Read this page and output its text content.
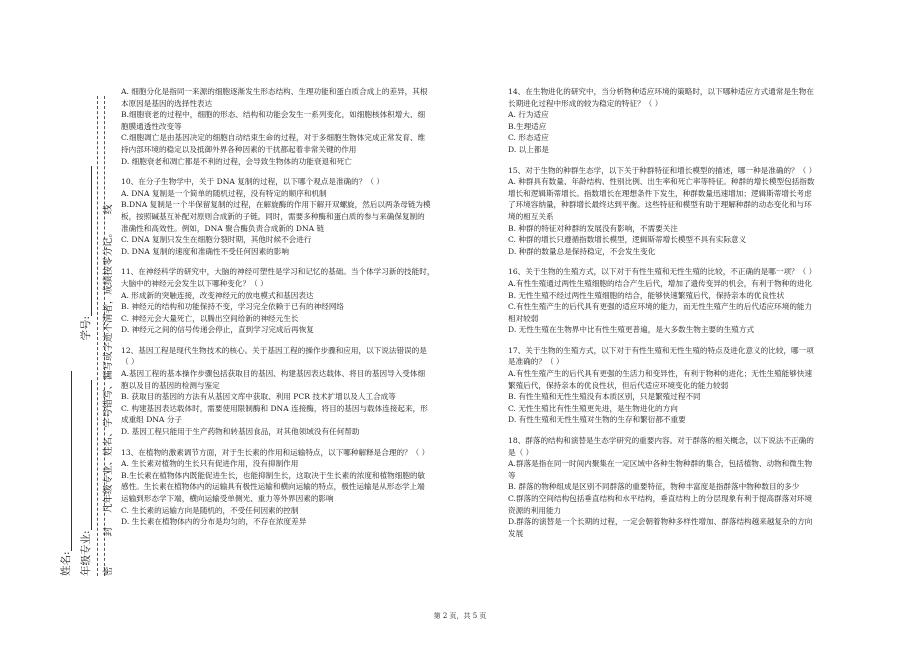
姓名: 年级专业:
学号:
密
封
凡年级专业、姓名、学号错写、漏写或字迹不清者，成绩按零分记。
线
A. 细胞分化是指同一来源的细胞逐渐发生形态结构、生理功能和蛋白质合成上的差异，其根
本原因是基因的选择性表达
B.细胞衰老的过程中，细胞的形态、结构和功能会发生一系列变化，如细胞核体积增大、细
胞膜通透性改变等
C.细胞凋亡是由基因决定的细胞自动结束生命的过程，对于多细胞生物体完成正常发育、维
持内部环境的稳定以及抵御外界各种因素的干扰都起着非常关键的作用
D. 细胞衰老和凋亡都是不利的过程，会导致生物体的功能衰退和死亡
10、在分子生物学中，关于 DNA 复制的过程，以下哪个观点是准确的？（ ）
A. DNA 复制是一个简单的随机过程，没有特定的顺序和机制
B.DNA 复制是一个半保留复制的过程，在解旋酶的作用下解开双螺旋，然后以两条母链为模
板，按照碱基互补配对原则合成新的子链。同时，需要多种酶和蛋白质的参与来确保复制的
准确性和高效性。例如，DNA 聚合酶负责合成新的 DNA 链
C. DNA 复制只发生在细胞分裂时期，其他时候不会进行
D. DNA 复制的速度和准确性不受任何因素的影响
11、在神经科学的研究中，大脑的神经可塑性是学习和记忆的基础。当个体学习新的技能时，
大脑中的神经元会发生以下哪种变化？（ ）
A. 形成新的突触连接，改变神经元的放电模式和基因表达
B. 神经元的结构和功能保持不变，学习完全依赖于已有的神经网络
C. 神经元会大量死亡，以腾出空间给新的神经元生长
D. 神经元之间的信号传递会停止，直到学习完成后再恢复
12、基因工程是现代生物技术的核心。关于基因工程的操作步骤和应用，以下说法错误的是
（ ）
A.基因工程的基本操作步骤包括获取目的基因、构建基因表达载体、将目的基因导入受体细
胞以及目的基因的检测与鉴定
B. 获取目的基因的方法有从基因文库中获取、利用 PCR 技术扩增以及人工合成等
C. 构建基因表达载体时，需要使用限制酶和 DNA 连接酶，将目的基因与载体连接起来，形
成重组 DNA 分子
D. 基因工程只能用于生产药物和转基因食品，对其他领域没有任何帮助
13、在植物的激素调节方面，对于生长素的作用和运输特点，以下哪种解释是合理的？（ ）
A. 生长素对植物的生长只有促进作用，没有抑制作用
B.生长素在植物体内既能促进生长，也能抑制生长，这取决于生长素的浓度和植物细胞的敏
感性。生长素在植物体内的运输具有极性运输和横向运输的特点，极性运输是从形态学上端
运输到形态学下端，横向运输受单侧光、重力等外界因素的影响
C. 生长素的运输方向是随机的，不受任何因素的控制
D. 生长素在植物体内的分布是均匀的，不存在浓度差异
14、在生物进化的研究中，当分析物种适应环境的策略时，以下哪种适应方式通常是生物在
长期进化过程中形成的较为稳定的特征？（ ）
A. 行为适应
B.生理适应
C. 形态适应
D. 以上都是
15、对于生物的种群生态学，以下关于种群特征和增长模型的描述，哪一种是准确的？（ ）
A. 种群具有数量、年龄结构、性别比例、出生率和死亡率等特征。种群的增长模型包括指数
增长和逻辑斯蒂增长。指数增长在理想条件下发生，种群数量迅速增加；逻辑斯蒂增长考虑
了环境容纳量，种群增长最终达到平衡。这些特征和模型有助于理解种群的动态变化和与环
境的相互关系
B. 种群的特征对种群的发展没有影响，不需要关注
C. 种群的增长只遵循指数增长模型，逻辑斯蒂增长模型不具有实际意义
D. 种群的数量总是保持稳定，不会发生变化
16、关于生物的生殖方式，以下对于有性生殖和无性生殖的比较，不正确的是哪一项？（ ）
A.有性生殖通过两性生殖细胞的结合产生后代，增加了遗传变异的机会，有利于物种的进化
B. 无性生殖不经过两性生殖细胞的结合，能够快速繁殖后代，保持亲本的优良性状
C.有性生殖产生的后代具有更强的适应环境的能力，而无性生殖产生的后代适应环境的能力
相对较弱
D. 无性生殖在生物界中比有性生殖更普遍，是大多数生物主要的生殖方式
17、关于生物的生殖方式，以下对于有性生殖和无性生殖的特点及进化意义的比较，哪一项
是准确的？（ ）
A.有性生殖产生的后代具有更强的生活力和变异性，有利于物种的进化；无性生殖能够快速
繁殖后代，保持亲本的优良性状，但后代适应环境变化的能力较弱
B. 有性生殖和无性生殖没有本质区别，只是繁殖过程不同
C. 无性生殖比有性生殖更先进，是生物进化的方向
D. 有性生殖和无性生殖对生物的生存和繁衍都不重要
18、群落的结构和演替是生态学研究的重要内容。对于群落的相关概念，以下说法不正确的
是（ ）
A.群落是指在同一时间内聚集在一定区域中各种生物种群的集合，包括植物、动物和微生物
等
B. 群落的物种组成是区别不同群落的重要特征，物种丰富度是指群落中物种数目的多少
C.群落的空间结构包括垂直结构和水平结构，垂直结构上的分层现象有利于提高群落对环境
资源的利用能力
D.群落的演替是一个长期的过程，一定会朝着物种多样性增加、群落结构越来越复杂的方向
发展
第 2 页，共 5 页
